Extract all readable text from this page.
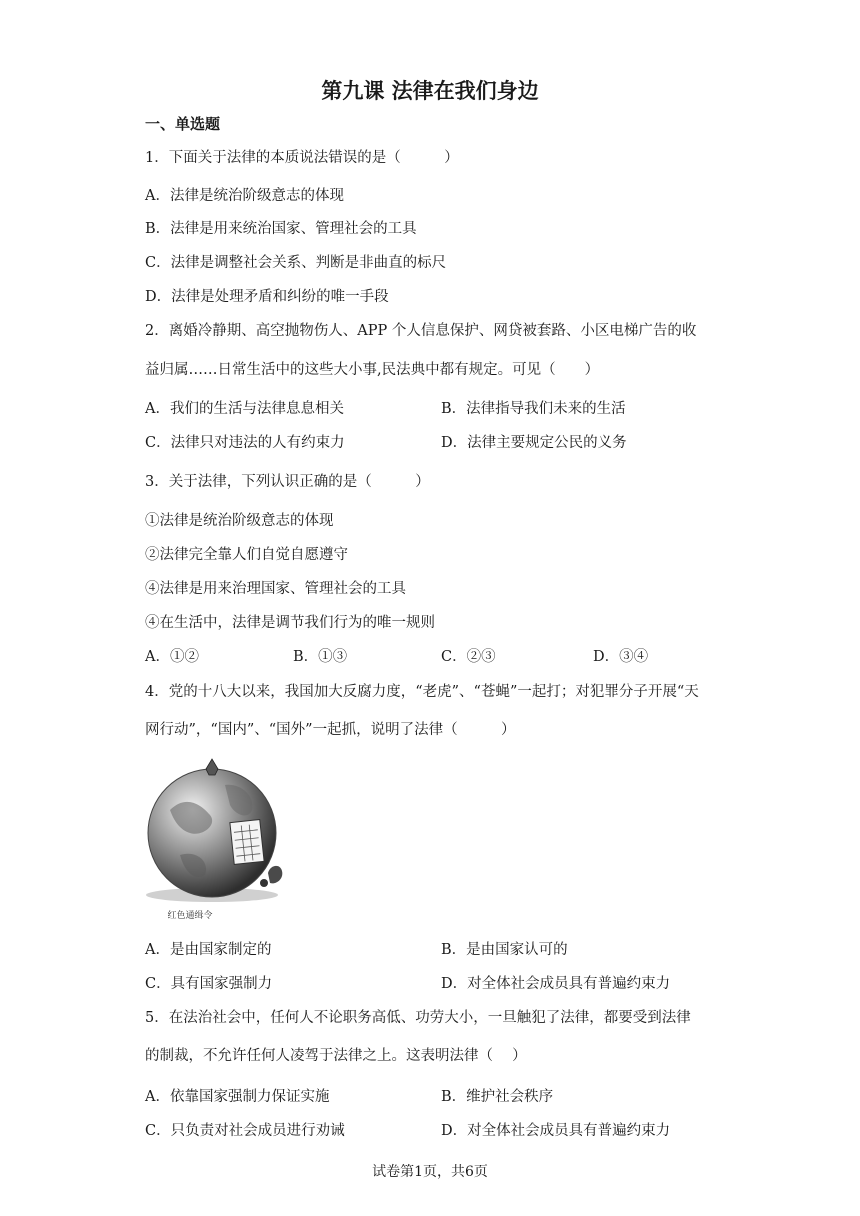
第九课 法律在我们身边
一、单选题
1．下面关于法律的本质说法错误的是（　　　）
A．法律是统治阶级意志的体现
B．法律是用来统治国家、管理社会的工具
C．法律是调整社会关系、判断是非曲直的标尺
D．法律是处理矛盾和纠纷的唯一手段
2．离婚冷静期、高空抛物伤人、APP 个人信息保护、网贷被套路、小区电梯广告的收
益归属……日常生活中的这些大小事,民法典中都有规定。可见（　　）
A．我们的生活与法律息息相关	B．法律指导我们未来的生活
C．法律只对违法的人有约束力	D．法律主要规定公民的义务
3．关于法律，下列认识正确的是（　　　）
①法律是统治阶级意志的体现
②法律完全靠人们自觉自愿遵守
④法律是用来治理国家、管理社会的工具
④在生活中，法律是调节我们行为的唯一规则
A．①②	B．①③	C．②③	D．③④
4．党的十八大以来，我国加大反腐力度，“老虎”、“苍蝇”一起打；对犯罪分子开展“天
网行动”，“国内”、“国外”一起抓，说明了法律（　　　）
红色通缉令
A．是由国家制定的	B．是由国家认可的
C．具有国家强制力	D．对全体社会成员具有普遍约束力
5．在法治社会中，任何人不论职务高低、功劳大小，一旦触犯了法律，都要受到法律
的制裁，不允许任何人凌驾于法律之上。这表明法律（　 ）
A．依靠国家强制力保证实施	B．维护社会秩序
C．只负责对社会成员进行劝诫	D．对全体社会成员具有普遍约束力
试卷第1页，共6页
